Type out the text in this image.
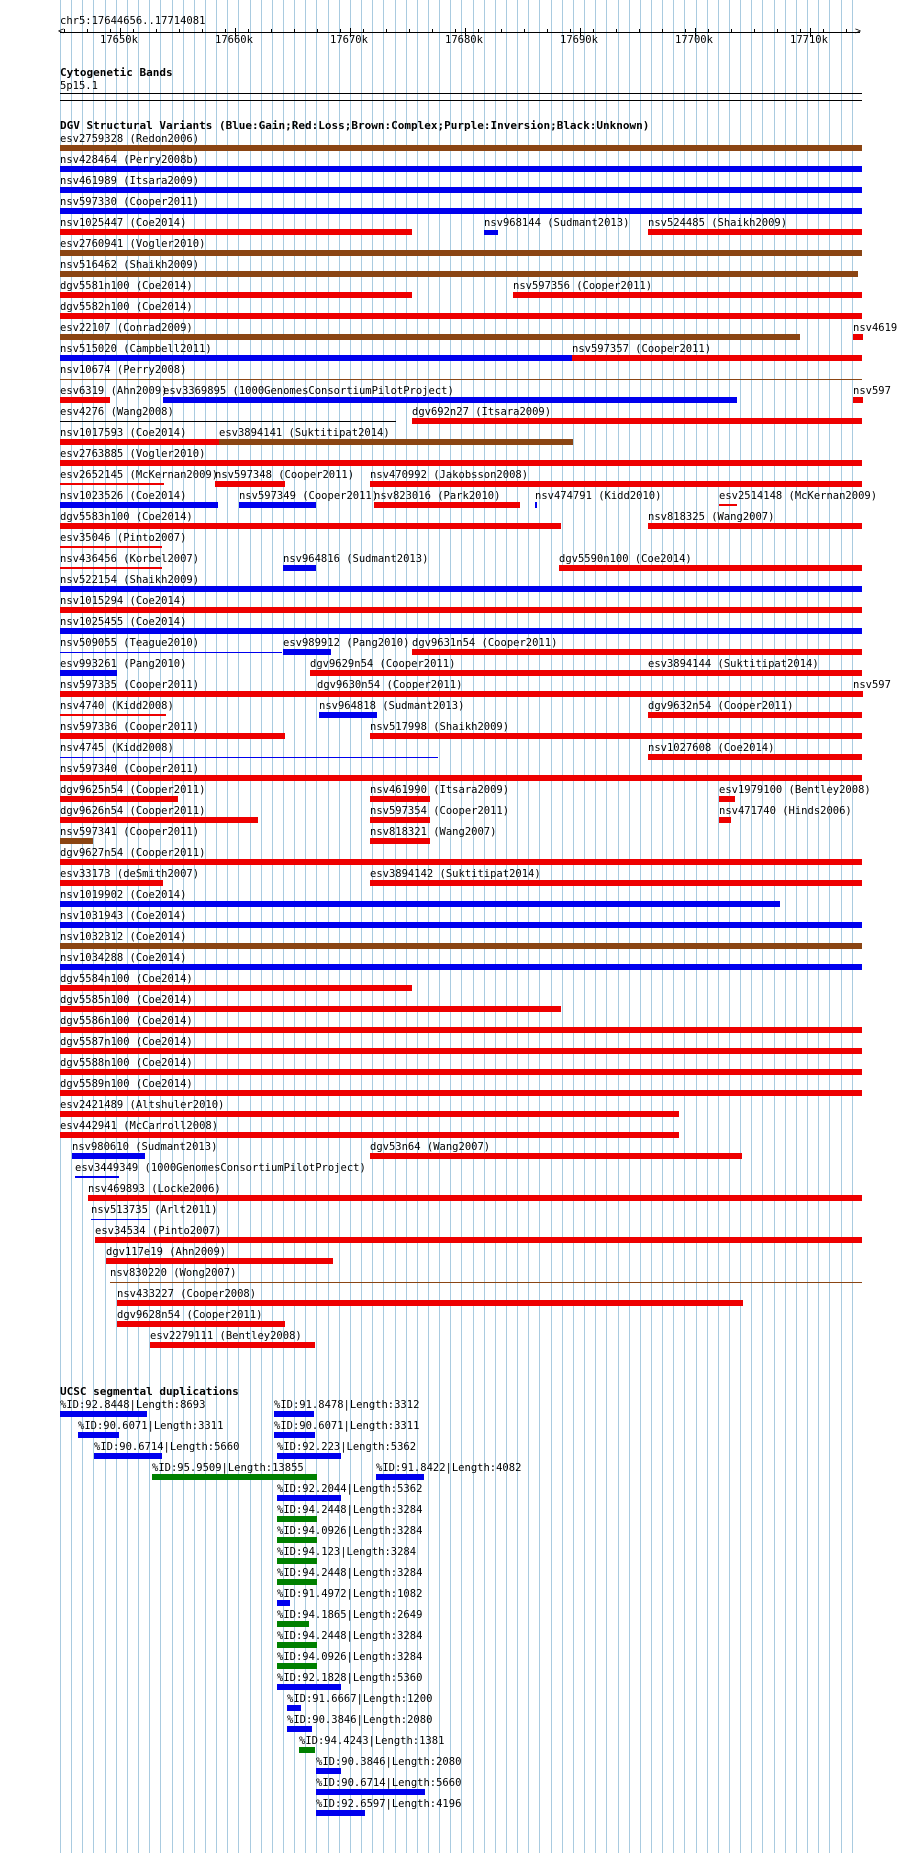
chr5:17644656..17714081
<	>
17650k	17660k	17670k	17680k	17690k	17700k	17710k
Cytogenetic Bands
5p15.1
DGV Structural Variants (Blue:Gain;Red:Loss;Brown:Complex;Purple:Inversion;Black:Unknown)
esv2759328 (Redon2006)
nsv428464 (Perry2008b)
nsv461989 (Itsara2009)
nsv597330 (Cooper2011)
nsv1025447 (Coe2014)	nsv968144 (Sudmant2013) nsv524485 (Shaikh2009)
esv2760941 (Vogler2010)
nsv516462 (Shaikh2009)
dgv5581n100 (Coe2014)	nsv597356 (Cooper2011)
dgv5582n100 (Coe2014)
esv22107 (Conrad2009)	nsv4619
nsv515020 (Campbell2011)	nsv597357 (Cooper2011)
nsv10674 (Perry2008)
esv6319 (Ahn2009)
esv3369895 (1000GenomesConsortiumPilotProject)	nsv597
esv4276 (Wang2008)	dgv692n27 (Itsara2009)
nsv1017593 (Coe2014)	esv3894141 (Suktitipat2014)
esv2763885 (Vogler2010)
esv2652145 (McKernan2009)
nsv597348 (Cooper2011) nsv470992 (Jakobsson2008)
nsv1023526 (Coe2014)	nsv597349 (Cooper2011)
nsv823016 (Park2010)	nsv474791 (Kidd2010)	esv2514148 (McKernan2009)
dgv5583n100 (Coe2014)	nsv818325 (Wang2007)
esv35046 (Pinto2007)
nsv436456 (Korbel2007)	nsv964816 (Sudmant2013)	dgv5590n100 (Coe2014)
nsv522154 (Shaikh2009)
nsv1015294 (Coe2014)
nsv1025455 (Coe2014)
nsv509055 (Teague2010)	esv989912 (Pang2010) dgv9631n54 (Cooper2011)
esv993261 (Pang2010)	dgv9629n54 (Cooper2011)	esv3894144 (Suktitipat2014)
nsv597335 (Cooper2011)	dgv9630n54 (Cooper2011)	nsv597
nsv4740 (Kidd2008)	nsv964818 (Sudmant2013)	dgv9632n54 (Cooper2011)
nsv597336 (Cooper2011)	nsv517998 (Shaikh2009)
nsv4745 (Kidd2008)	nsv1027608 (Coe2014)
nsv597340 (Cooper2011)
dgv9625n54 (Cooper2011)	nsv461990 (Itsara2009)	esv1979100 (Bentley2008)
dgv9626n54 (Cooper2011)	nsv597354 (Cooper2011)	nsv471740 (Hinds2006)
nsv597341 (Cooper2011)	nsv818321 (Wang2007)
dgv9627n54 (Cooper2011)
esv33173 (deSmith2007)	esv3894142 (Suktitipat2014)
nsv1019902 (Coe2014)
nsv1031943 (Coe2014)
nsv1032312 (Coe2014)
nsv1034288 (Coe2014)
dgv5584n100 (Coe2014)
dgv5585n100 (Coe2014)
dgv5586n100 (Coe2014)
dgv5587n100 (Coe2014)
dgv5588n100 (Coe2014)
dgv5589n100 (Coe2014)
esv2421489 (Altshuler2010)
esv442941 (McCarroll2008)
nsv980610 (Sudmant2013)	dgv53n64 (Wang2007)
esv3449349 (1000GenomesConsortiumPilotProject)
nsv469893 (Locke2006)
nsv513735 (Arlt2011)
esv34534 (Pinto2007)
dgv117e19 (Ahn2009)
nsv830220 (Wong2007)
nsv433227 (Cooper2008)
dgv9628n54 (Cooper2011)
esv2279111 (Bentley2008)
UCSC segmental duplications
%ID:92.8448|Length:8693	%ID:91.8478|Length:3312
%ID:90.6071|Length:3311	%ID:90.6071|Length:3311
%ID:90.6714|Length:5660	%ID:92.223|Length:5362
%ID:95.9509|Length:13855	%ID:91.8422|Length:4082
%ID:92.2044|Length:5362
%ID:94.2448|Length:3284
%ID:94.0926|Length:3284
%ID:94.123|Length:3284
%ID:94.2448|Length:3284
%ID:91.4972|Length:1082
%ID:94.1865|Length:2649
%ID:94.2448|Length:3284
%ID:94.0926|Length:3284
%ID:92.1828|Length:5360
%ID:91.6667|Length:1200
%ID:90.3846|Length:2080
%ID:94.4243|Length:1381
%ID:90.3846|Length:2080
%ID:90.6714|Length:5660
%ID:92.6597|Length:4196
